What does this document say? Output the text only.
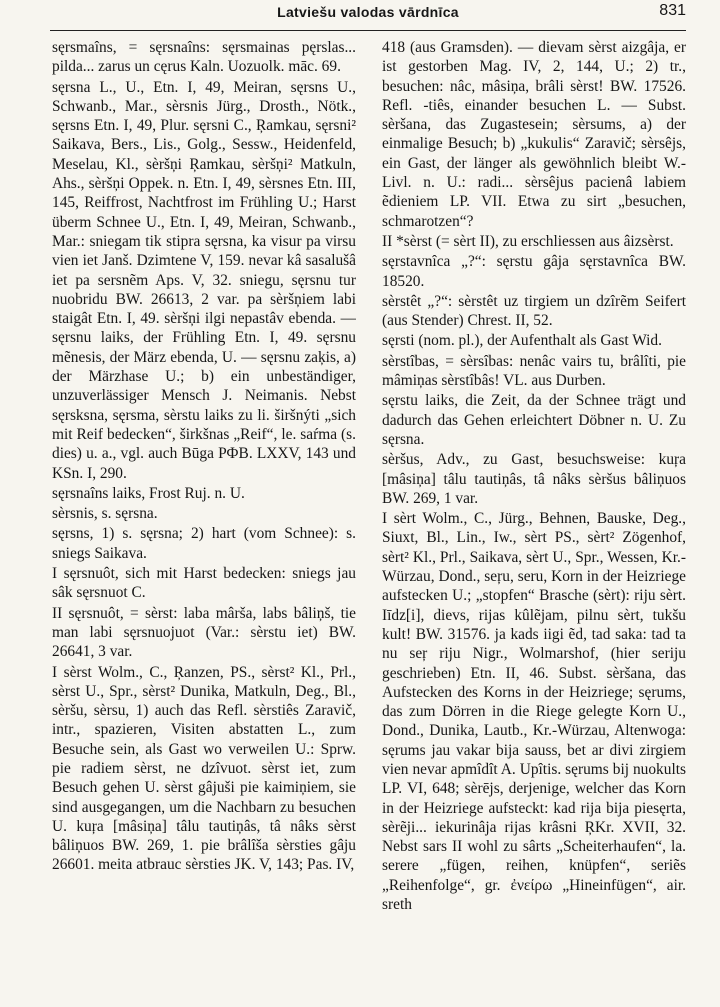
Latviešu valodas vārdnīca	831

sęrsmaîns, = sęrsnaîns: sęrsmainas pęrslas... pilda... zarus un cęrus Kaln. Uozuolk. māc. 69.

sęrsna L., U., Etn. I, 49, Meiran, sęrsns U., Schwanb., Mar., sèrsnis Jürg., Drosth., Nötk., sęrsns Etn. I, 49, Plur. sęrsni C., Ŗamkau, sęrsni² Saikava, Bers., Lis., Golg., Sessw., Heidenfeld, Meselau, Kl., sèršņi Ŗamkau, sèršņi² Matkuln, Ahs., sèršņi Oppek. n. Etn. I, 49, sèrsnes Etn. III, 145, Reiffrost, Nachtfrost im Frühling U.; Harst überm Schnee U., Etn. I, 49, Meiran, Schwanb., Mar.: sniegam tik stipra sęrsna, ka visur pa virsu vien iet Janš. Dzimtene V, 159. nevar kâ sasalušâ iet pa sersnẽm Aps. V, 32. sniegu, sęrsnu tur nuobridu BW. 26613, 2 var. pa sèršņiem labi staigât Etn. I, 49. sèršņi ilgi nepastâv ebenda. — sęrsnu laiks, der Frühling Etn. I, 49. sęrsnu mẽnesis, der März ebenda, U. — sęrsnu zaķis, a) der Märzhase U.; b) ein unbeständiger, unzuverlässiger Mensch J. Neimanis. Nebst sęrsksna, sęrsma, sèrstu laiks zu li. širšnýti „sich mit Reif bedecken“, širkšnas „Reif“, le. saŕma (s. dies) u. a., vgl. auch Būga РФВ. LXXV, 143 und KSn. I, 290.

sęrsnaîns laiks, Frost Ruj. n. U.

sèrsnis, s. sęrsna.

sęrsns, 1) s. sęrsna; 2) hart (vom Schnee): s. sniegs Saikava.

I sęrsnuôt, sich mit Harst bedecken: sniegs jau sâk sęrsnuot C.

II sęrsnuôt, = sèrst: laba mârša, labs bâliņš, tie man labi sęrsnuojuot (Var.: sèrstu iet) BW. 26641, 3 var.

I sèrst Wolm., C., Ŗanzen, PS., sèrst² Kl., Prl., sèrst U., Spr., sèrst² Dunika, Matkuln, Deg., Bl., sèršu, sèrsu, 1) auch das Refl. sèrstiês Zaravič, intr., spazieren, Visiten abstatten L., zum Besuche sein, als Gast wo verweilen U.: Sprw. pie radiem sèrst, ne dzîvuot. sèrst iet, zum Besuch gehen U. sèrst gâjuši pie kaimiņiem, sie sind ausgegangen, um die Nachbarn zu besuchen U. kuŗa [mâsiņa] tâlu tautiņâs, tâ nâks sèrst bâliņuos BW. 269, 1. pie brâlîša sèrsties gâju 26601. meita atbrauc sèrsties JK. V, 143; Pas. IV,

418 (aus Gramsden). — dievam sèrst aizgâja, er ist gestorben Mag. IV, 2, 144, U.; 2) tr., besuchen: nâc, mâsiņa, brâli sèrst! BW. 17526. Refl. -tiês, einander besuchen L. — Subst. sèršana, das Zugastesein; sèrsums, a) der einmalige Besuch; b) „kukulis“ Zaravič; sèrsêjs, ein Gast, der länger als gewöhnlich bleibt W.-Livl. n. U.: radi... sèrsêjus pacienâ labiem ẽdieniem LP. VII. Etwa zu sirt „besuchen, schmarotzen“?

II *sèrst (= sèrt II), zu erschliessen aus âizsèrst.

sęrstavnîca „?“: sęrstu gâja sęrstavnîca BW. 18520.

sèrstêt „?“: sèrstêt uz tirgiem un dzîrẽm Seifert (aus Stender) Chrest. II, 52.

sęrsti (nom. pl.), der Aufenthalt als Gast Wid.

sèrstîbas, = sèrsîbas: nenâc vairs tu, brâlîti, pie mâmiņas sèrstîbâs! VL. aus Durben.

sęrstu laiks, die Zeit, da der Schnee trägt und dadurch das Gehen erleichtert Döbner n. U. Zu sęrsna.

sèršus, Adv., zu Gast, besuchsweise: kuŗa [mâsiņa] tâlu tautiņâs, tâ nâks sèršus bâliņuos BW. 269, 1 var.

I sèrt Wolm., C., Jürg., Behnen, Bauske, Deg., Siuxt, Bl., Lin., Iw., sèrt PS., sèrt² Zögenhof, sèrt² Kl., Prl., Saikava, sèrt U., Spr., Wessen, Kr.-Würzau, Dond., seŗu, seru, Korn in der Heizriege aufstecken U.; „stopfen“ Brasche (sèrt): riju sèrt. Iīdz[i], dievs, rijas kûlẽjam, pilnu sèrt, tukšu kult! BW. 31576. ja kads iigi ẽd, tad saka: tad ta nu seŗ riju Nigr., Wolmarshof, (hier seriju geschrieben) Etn. II, 46. Subst. sèršana, das Aufstecken des Korns in der Heizriege; sęrums, das zum Dörren in die Riege gelegte Korn U., Dond., Dunika, Lautb., Kr.-Würzau, Altenwoga: sęrums jau vakar bija sauss, bet ar divi zirgiem vien nevar apmîdît A. Upîtis. sęrums bij nuokults LP. VI, 648; sèrējs, derjenige, welcher das Korn in der Heizriege aufsteckt: kad rija bija piesęrta, sèrẽji... iekurinâja rijas krâsni ŖKr. XVII, 32. Nebst sars II wohl zu sârts „Scheiterhaufen“, la. serere „fügen, reihen, knüpfen“, seriẽs „Reihenfolge“, gr. ἐνείρω „Hineinfügen“, air. sreth
